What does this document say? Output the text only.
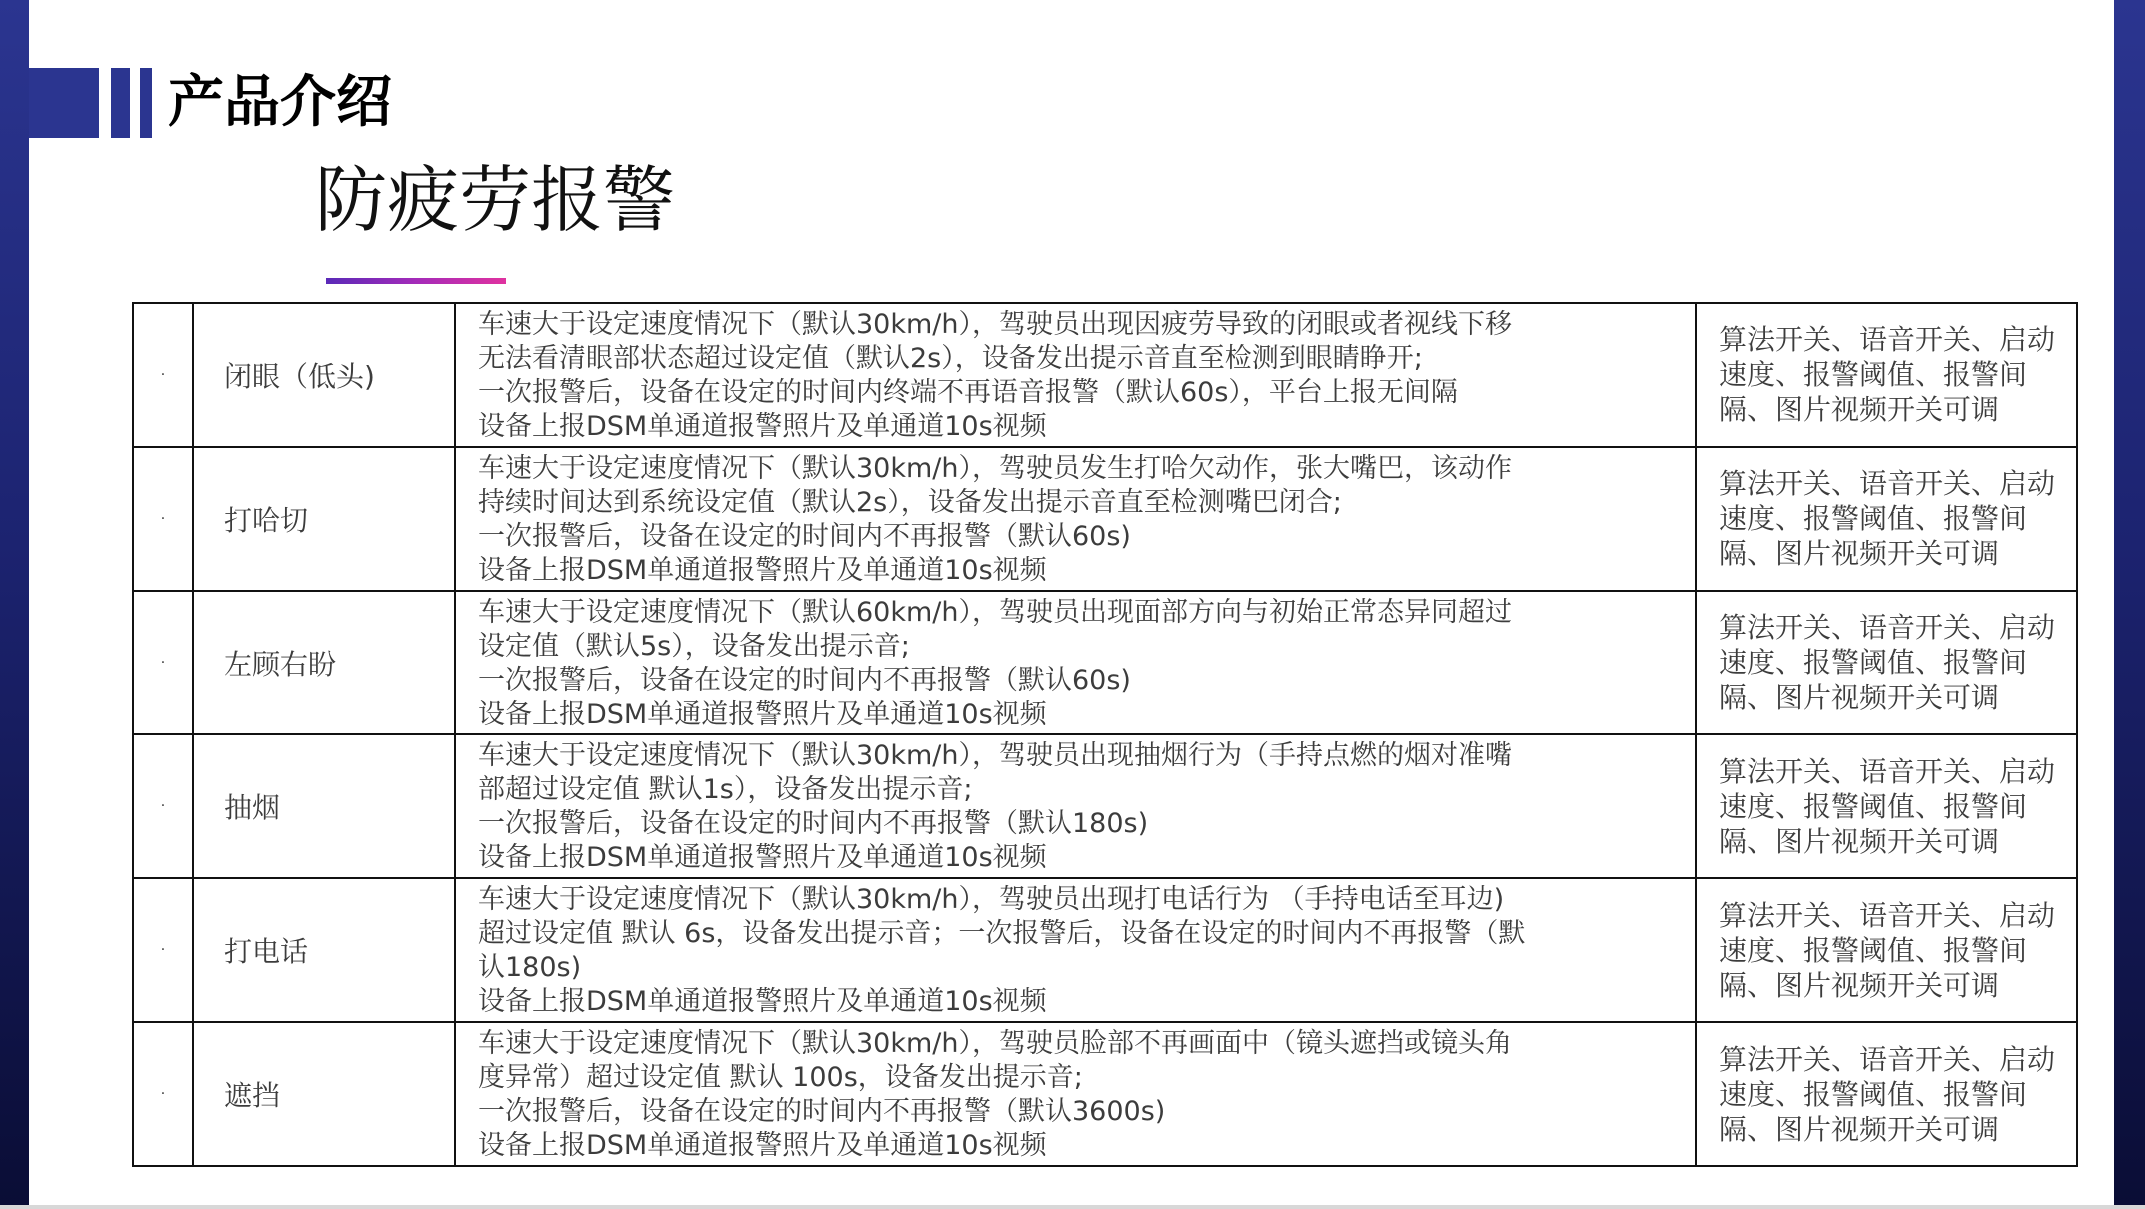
产品介绍
防疲劳报警
·	闭眼（低头)	车速大于设定速度情况下（默认30km/h），驾驶员出现因疲劳导致的闭眼或者视线下移
无法看清眼部状态超过设定值（默认2s），设备发出提示音直至检测到眼睛睁开;
一次报警后，设备在设定的时间内终端不再语音报警（默认60s），平台上报无间隔
设备上报DSM单通道报警照片及单通道10s视频	算法开关、语音开关、启动速度、报警阈值、报警间隔、图片视频开关可调
·	打哈切	车速大于设定速度情况下（默认30km/h），驾驶员发生打哈欠动作，张大嘴巴，该动作
持续时间达到系统设定值（默认2s），设备发出提示音直至检测嘴巴闭合;
一次报警后，设备在设定的时间内不再报警（默认60s)
设备上报DSM单通道报警照片及单通道10s视频	算法开关、语音开关、启动速度、报警阈值、报警间隔、图片视频开关可调
·	左顾右盼	车速大于设定速度情况下（默认60km/h），驾驶员出现面部方向与初始正常态异同超过
设定值（默认5s），设备发出提示音;
一次报警后，设备在设定的时间内不再报警（默认60s)
设备上报DSM单通道报警照片及单通道10s视频	算法开关、语音开关、启动速度、报警阈值、报警间隔、图片视频开关可调
·	抽烟	车速大于设定速度情况下（默认30km/h），驾驶员出现抽烟行为（手持点燃的烟对准嘴
部超过设定值 默认1s），设备发出提示音;
一次报警后，设备在设定的时间内不再报警（默认180s)
设备上报DSM单通道报警照片及单通道10s视频	算法开关、语音开关、启动速度、报警阈值、报警间隔、图片视频开关可调
·	打电话	车速大于设定速度情况下（默认30km/h），驾驶员出现打电话行为 （手持电话至耳边)
超过设定值 默认 6s，设备发出提示音；一次报警后，设备在设定的时间内不再报警（默
认180s)
设备上报DSM单通道报警照片及单通道10s视频	算法开关、语音开关、启动速度、报警阈值、报警间隔、图片视频开关可调
·	遮挡	车速大于设定速度情况下（默认30km/h），驾驶员脸部不再画面中（镜头遮挡或镜头角
度异常）超过设定值 默认 100s，设备发出提示音;
一次报警后，设备在设定的时间内不再报警（默认3600s)
设备上报DSM单通道报警照片及单通道10s视频	算法开关、语音开关、启动速度、报警阈值、报警间隔、图片视频开关可调
